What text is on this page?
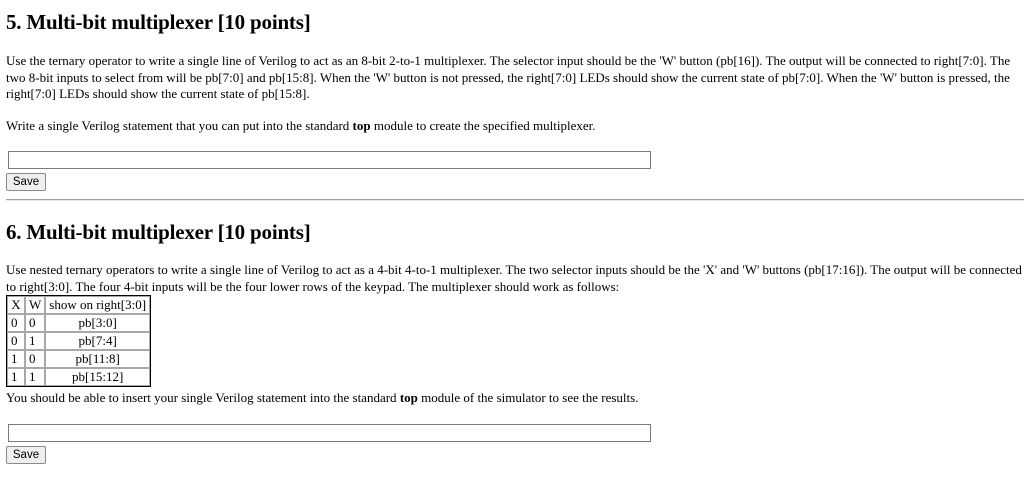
5. Multi-bit multiplexer [10 points]

Use the ternary operator to write a single line of Verilog to act as an 8-bit 2-to-1 multiplexer. The selector input should be the 'W' button (pb[16]). The output will be connected to right[7:0]. The two 8-bit inputs to select from will be pb[7:0] and pb[15:8]. When the 'W' button is not pressed, the right[7:0] LEDs should show the current state of pb[7:0]. When the 'W' button is pressed, the right[7:0] LEDs should show the current state of pb[15:8].

Write a single Verilog statement that you can put into the standard top module to create the specified multiplexer.

Save
6. Multi-bit multiplexer [10 points]

Use nested ternary operators to write a single line of Verilog to act as a 4-bit 4-to-1 multiplexer. The two selector inputs should be the 'X' and 'W' buttons (pb[17:16]). The output will be connected to right[3:0]. The four 4-bit inputs will be the four lower rows of the keypad. The multiplexer should work as follows:

X	W	show on right[3:0]
0	0	pb[3:0]
0	1	pb[7:4]
1	0	pb[11:8]
1	1	pb[15:12]

You should be able to insert your single Verilog statement into the standard top module of the simulator to see the results.

Save
